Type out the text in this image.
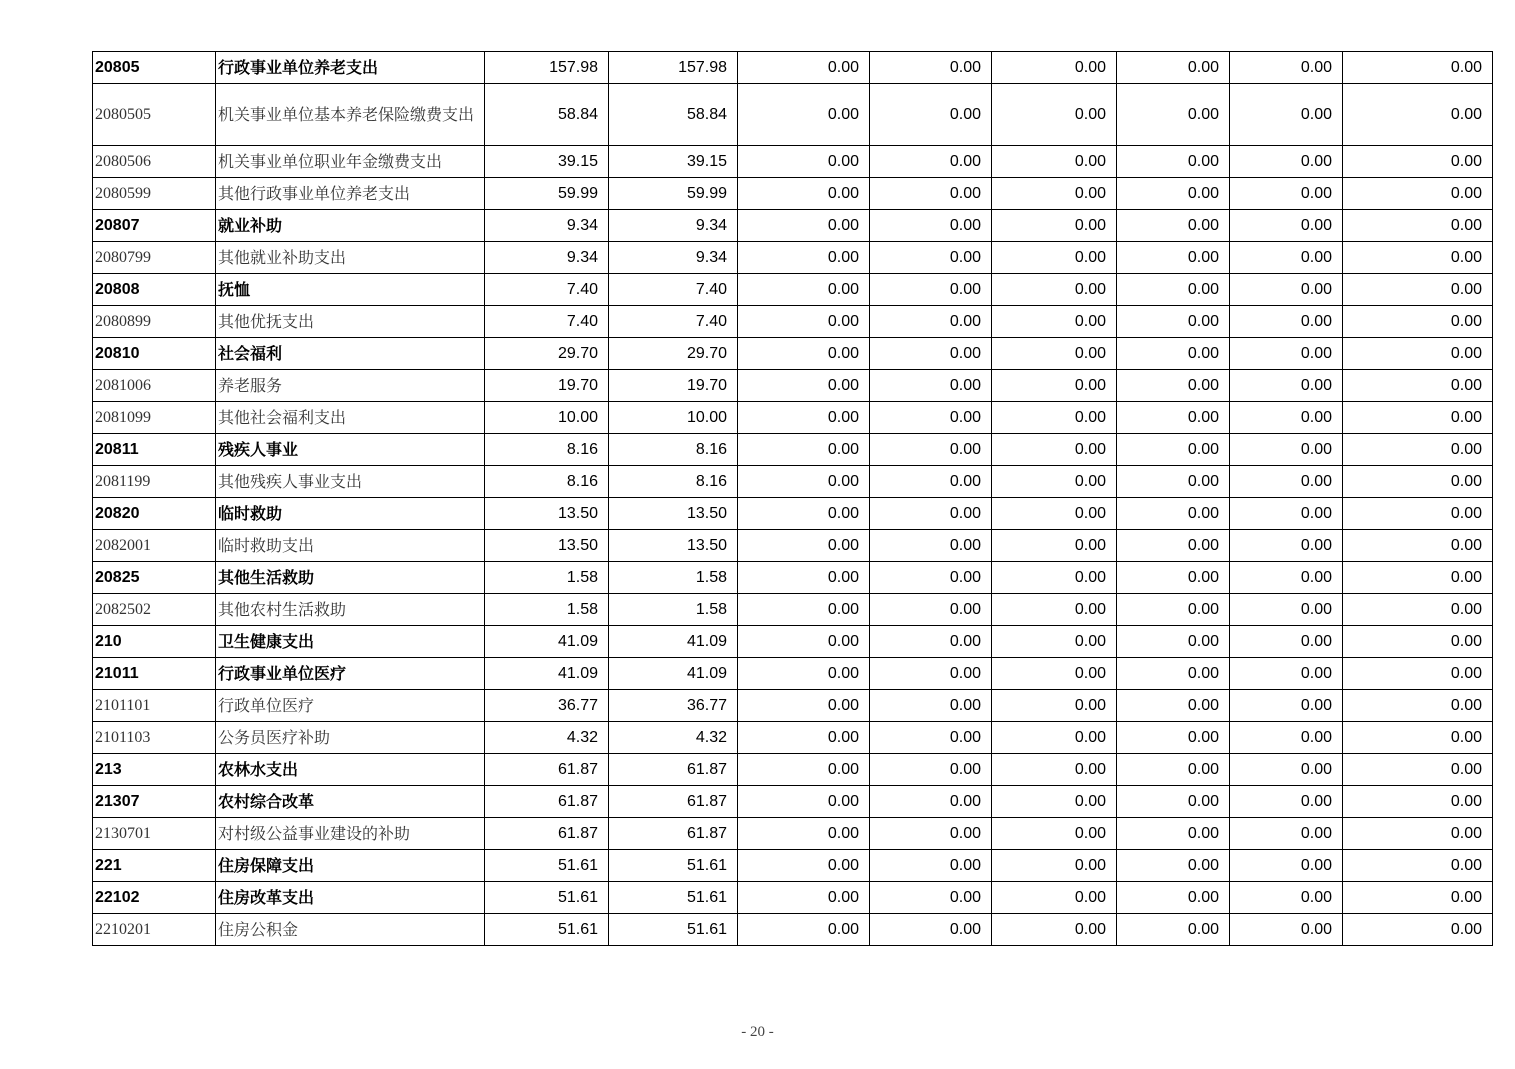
20805	行政事业单位养老支出	157.98	157.98	0.00	0.00	0.00	0.00	0.00	0.00
2080505	机关事业单位基本养老保险缴费支出	58.84	58.84	0.00	0.00	0.00	0.00	0.00	0.00
2080506	机关事业单位职业年金缴费支出	39.15	39.15	0.00	0.00	0.00	0.00	0.00	0.00
2080599	其他行政事业单位养老支出	59.99	59.99	0.00	0.00	0.00	0.00	0.00	0.00
20807	就业补助	9.34	9.34	0.00	0.00	0.00	0.00	0.00	0.00
2080799	其他就业补助支出	9.34	9.34	0.00	0.00	0.00	0.00	0.00	0.00
20808	抚恤	7.40	7.40	0.00	0.00	0.00	0.00	0.00	0.00
2080899	其他优抚支出	7.40	7.40	0.00	0.00	0.00	0.00	0.00	0.00
20810	社会福利	29.70	29.70	0.00	0.00	0.00	0.00	0.00	0.00
2081006	养老服务	19.70	19.70	0.00	0.00	0.00	0.00	0.00	0.00
2081099	其他社会福利支出	10.00	10.00	0.00	0.00	0.00	0.00	0.00	0.00
20811	残疾人事业	8.16	8.16	0.00	0.00	0.00	0.00	0.00	0.00
2081199	其他残疾人事业支出	8.16	8.16	0.00	0.00	0.00	0.00	0.00	0.00
20820	临时救助	13.50	13.50	0.00	0.00	0.00	0.00	0.00	0.00
2082001	临时救助支出	13.50	13.50	0.00	0.00	0.00	0.00	0.00	0.00
20825	其他生活救助	1.58	1.58	0.00	0.00	0.00	0.00	0.00	0.00
2082502	其他农村生活救助	1.58	1.58	0.00	0.00	0.00	0.00	0.00	0.00
210	卫生健康支出	41.09	41.09	0.00	0.00	0.00	0.00	0.00	0.00
21011	行政事业单位医疗	41.09	41.09	0.00	0.00	0.00	0.00	0.00	0.00
2101101	行政单位医疗	36.77	36.77	0.00	0.00	0.00	0.00	0.00	0.00
2101103	公务员医疗补助	4.32	4.32	0.00	0.00	0.00	0.00	0.00	0.00
213	农林水支出	61.87	61.87	0.00	0.00	0.00	0.00	0.00	0.00
21307	农村综合改革	61.87	61.87	0.00	0.00	0.00	0.00	0.00	0.00
2130701	对村级公益事业建设的补助	61.87	61.87	0.00	0.00	0.00	0.00	0.00	0.00
221	住房保障支出	51.61	51.61	0.00	0.00	0.00	0.00	0.00	0.00
22102	住房改革支出	51.61	51.61	0.00	0.00	0.00	0.00	0.00	0.00
2210201	住房公积金	51.61	51.61	0.00	0.00	0.00	0.00	0.00	0.00
- 20 -
